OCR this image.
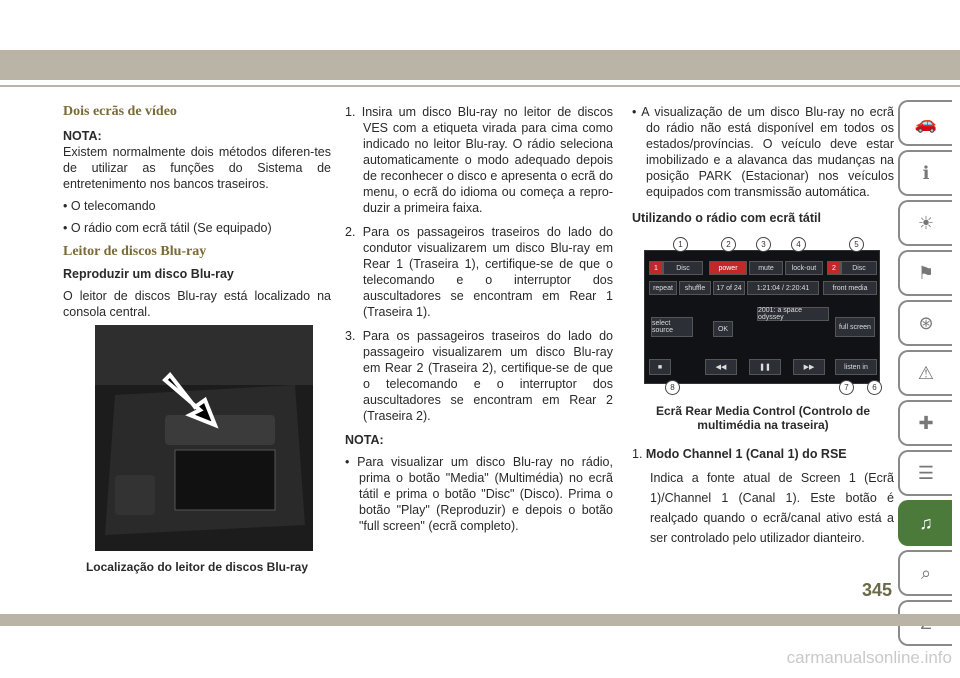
Dois ecrãs de vídeo
NOTA:

Existem normalmente dois métodos diferen-tes de utilizar as funções do Sistema de entretenimento nos bancos traseiros.

• O telecomando
• O rádio com ecrã tátil (Se equipado)
Leitor de discos Blu-ray
Reproduzir um disco Blu-ray

O leitor de discos Blu-ray está localizado na consola central.

Localização do leitor de discos Blu-ray
1. Insira um disco Blu-ray no leitor de discos VES com a etiqueta virada para cima como indicado no leitor Blu-ray. O rádio seleciona automaticamente o modo adequado depois de reconhecer o disco e apresenta o ecrã do menu, o ecrã do idioma ou começa a repro-duzir a primeira faixa.
2. Para os passageiros traseiros do lado do condutor visualizarem um disco Blu-ray em Rear 1 (Traseira 1), certifique-se de que o telecomando e o interruptor dos auscultadores se encontram em Rear 1 (Traseira 1).
3. Para os passageiros traseiros do lado do passageiro visualizarem um disco Blu-ray em Rear 2 (Traseira 2), certifique-se de que o telecomando e o interruptor dos auscultadores se encontram em Rear 2 (Traseira 2).
NOTA:
• Para visualizar um disco Blu-ray no rádio, prima o botão "Media" (Multimédia) no ecrã tátil e prima o botão "Disc" (Disco). Prima o botão "Play" (Reproduzir) e depois o botão "full screen" (ecrã completo).
• A visualização de um disco Blu-ray no ecrã do rádio não está disponível em todos os estados/províncias. O veículo deve estar imobilizado e a alavanca das mudanças na posição PARK (Estacionar) nos veículos equipados com transmissão automática.
Utilizando o rádio com ecrã tátil
1	Disc	power	mute	lock-out	2	Disc
repeat	shuffle	17 of 24	1:21:04 / 2:20:41	front media
select source	OK
2001: a space odyssey
full screen
■	◀◀	❚❚	▶▶	listen in
1	2	3	4	5
6
7
8
Ecrã Rear Media Control (Controlo de multimédia na traseira)
1. Modo Channel 1 (Canal 1) do RSE

Indica a fonte atual de Screen 1 (Ecrã 1)/Channel 1 (Canal 1). Este botão é realçado quando o ecrã/canal ativo está a ser controlado pelo utilizador dianteiro.

🚗
ℹ
☀
⚑
⊛
⚠
✚
☰
♫
⌕
345
carmanualsonline.info
